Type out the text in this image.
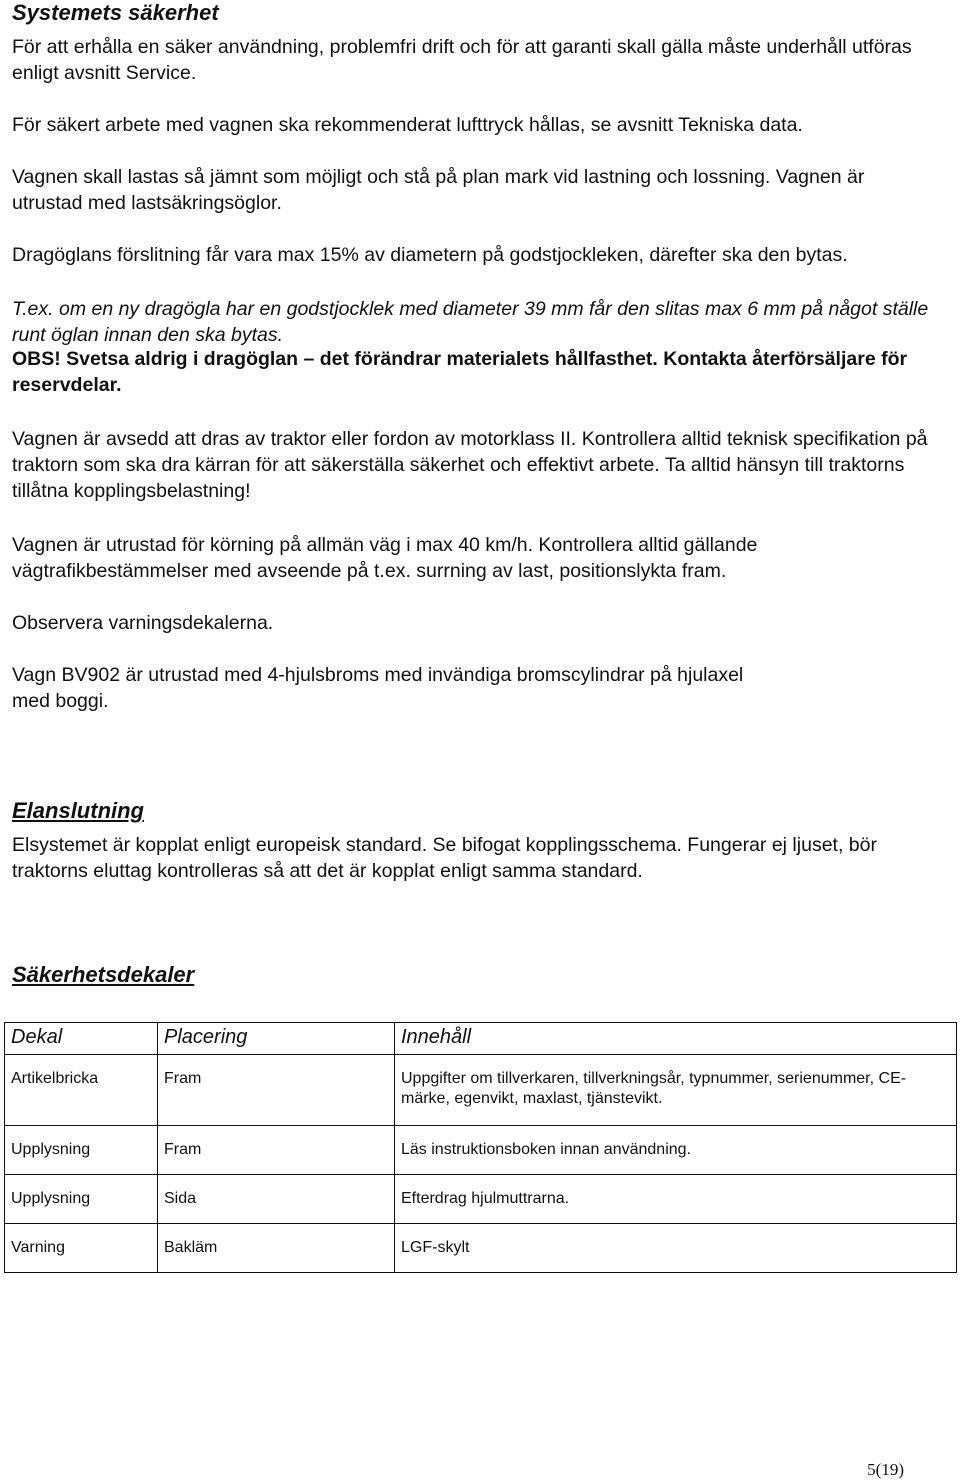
Systemets säkerhet

För att erhålla en säker användning, problemfri drift och för att garanti skall gälla måste underhåll utföras enligt avsnitt Service.

För säkert arbete med vagnen ska rekommenderat lufttryck hållas, se avsnitt Tekniska data.

Vagnen skall lastas så jämnt som möjligt och stå på plan mark vid lastning och lossning. Vagnen är utrustad med lastsäkringsöglor.

Dragöglans förslitning får vara max 15% av diametern på godstjockleken, därefter ska den bytas.

T.ex. om en ny dragögla har en godstjocklek med diameter 39 mm får den slitas max 6 mm på något ställe runt öglan innan den ska bytas.

OBS! Svetsa aldrig i dragöglan – det förändrar materialets hållfasthet. Kontakta återförsäljare för reservdelar.

Vagnen är avsedd att dras av traktor eller fordon av motorklass II. Kontrollera alltid teknisk specifikation på traktorn som ska dra kärran för att säkerställa säkerhet och effektivt arbete. Ta alltid hänsyn till traktorns tillåtna kopplingsbelastning!

Vagnen är utrustad för körning på allmän väg i max 40 km/h. Kontrollera alltid gällande vägtrafikbestämmelser med avseende på t.ex. surrning av last, positionslykta fram.

Observera varningsdekalerna.

Vagn BV902 är utrustad med 4-hjulsbroms med invändiga bromscylindrar på hjulaxel med boggi.

Elanslutning

Elsystemet är kopplat enligt europeisk standard. Se bifogat kopplingsschema. Fungerar ej ljuset, bör traktorns eluttag kontrolleras så att det är kopplat enligt samma standard.

Säkerhetsdekaler
Dekal	Placering	Innehåll
Artikelbricka	Fram	Uppgifter om tillverkaren, tillverkningsår, typnummer, serienummer, CE-märke, egenvikt, maxlast, tjänstevikt.
Upplysning	Fram	Läs instruktionsboken innan användning.
Upplysning	Sida	Efterdrag hjulmuttrarna.
Varning	Bakläm	LGF-skylt
5(19)
